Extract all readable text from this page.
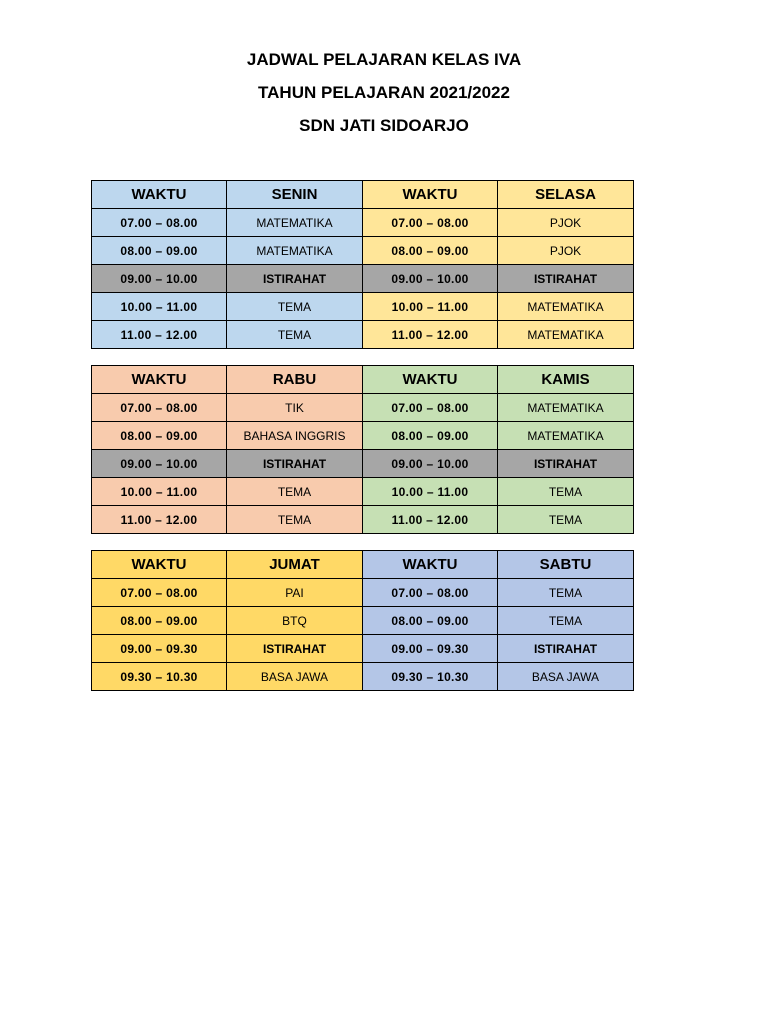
JADWAL PELAJARAN KELAS IVA
TAHUN PELAJARAN 2021/2022
SDN JATI SIDOARJO
WAKTU	SENIN	WAKTU	SELASA
07.00 – 08.00	MATEMATIKA	07.00 – 08.00	PJOK
08.00 – 09.00	MATEMATIKA	08.00 – 09.00	PJOK
09.00 – 10.00	ISTIRAHAT	09.00 – 10.00	ISTIRAHAT
10.00 – 11.00	TEMA	10.00 – 11.00	MATEMATIKA
11.00 – 12.00	TEMA	11.00 – 12.00	MATEMATIKA
WAKTU	RABU	WAKTU	KAMIS
07.00 – 08.00	TIK	07.00 – 08.00	MATEMATIKA
08.00 – 09.00	BAHASA INGGRIS	08.00 – 09.00	MATEMATIKA
09.00 – 10.00	ISTIRAHAT	09.00 – 10.00	ISTIRAHAT
10.00 – 11.00	TEMA	10.00 – 11.00	TEMA
11.00 – 12.00	TEMA	11.00 – 12.00	TEMA
WAKTU	JUMAT	WAKTU	SABTU
07.00 – 08.00	PAI	07.00 – 08.00	TEMA
08.00 – 09.00	BTQ	08.00 – 09.00	TEMA
09.00 – 09.30	ISTIRAHAT	09.00 – 09.30	ISTIRAHAT
09.30 – 10.30	BASA JAWA	09.30 – 10.30	BASA JAWA
